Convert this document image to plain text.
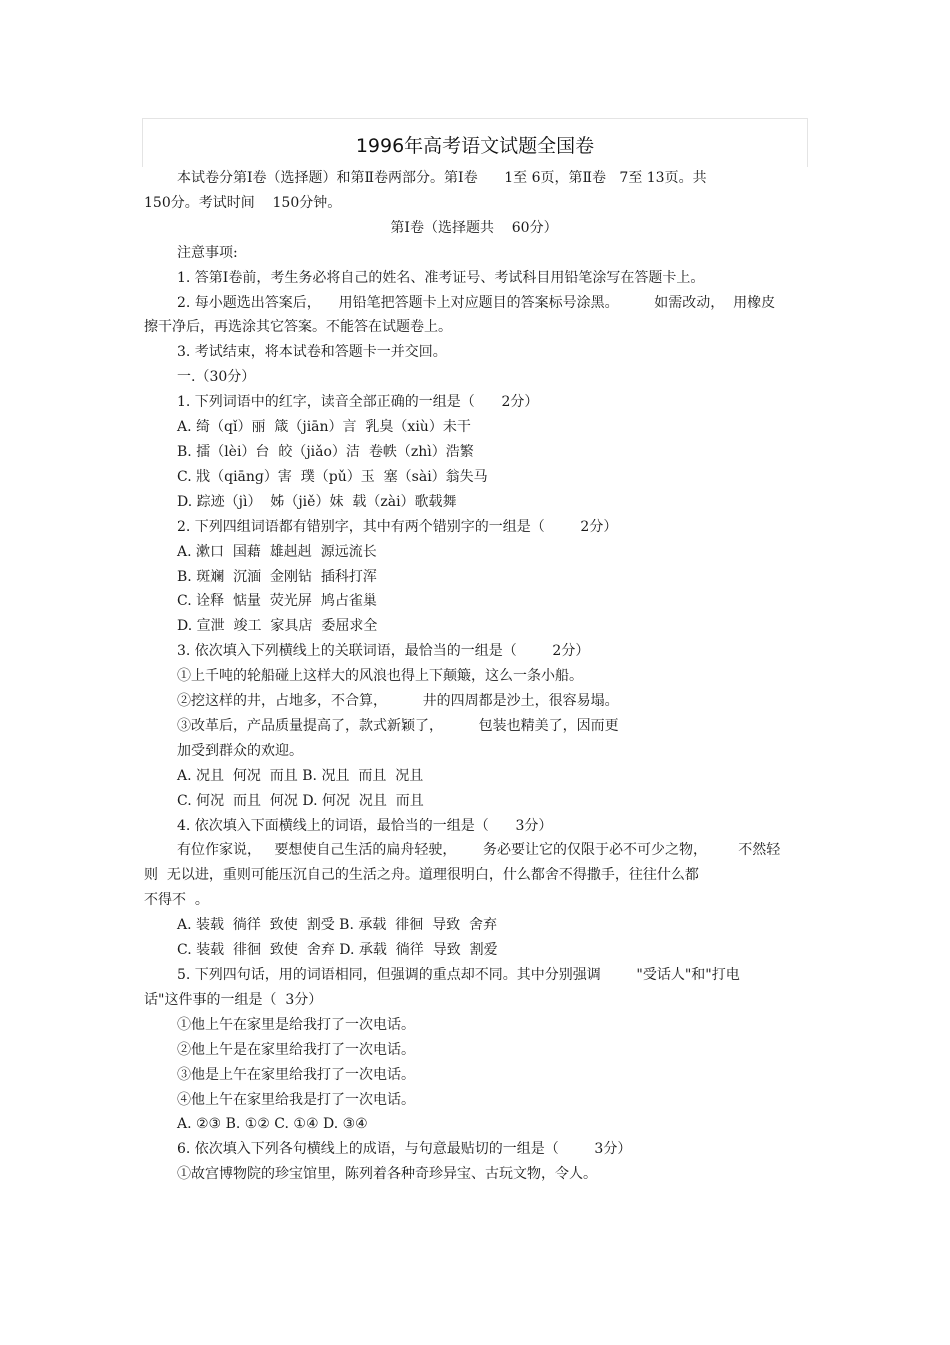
1996年高考语文试题全国卷

本试卷分第Ⅰ卷（选择题）和第Ⅱ卷两部分。第Ⅰ卷      1至 6页，第Ⅱ卷   7至 13页。共

150分。考试时间    150分钟。

第Ⅰ卷（选择题共    60分）

注意事项:

1. 答第Ⅰ卷前，考生务必将自己的姓名、准考证号、考试科目用铅笔涂写在答题卡上。

2. 每小题选出答案后，    用铅笔把答题卡上对应题目的答案标号涂黑。        如需改动，  用橡皮

擦干净后，再选涂其它答案。不能答在试题卷上。

3. 考试结束，将本试卷和答题卡一并交回。

一.（30分）

1. 下列词语中的红字，读音全部正确的一组是（      2分）

A. 绮（qǐ）丽  箴（jiān）言  乳臭（xiù）未干

B. 擂（lèi）台  皎（jiǎo）洁  卷帙（zhì）浩繁

C. 戕（qiānɡ）害  璞（pǔ）玉  塞（sài）翁失马

D. 踪迹（jì）  姊（jiě）妹  载（zài）歌载舞

2. 下列四组词语都有错别字，其中有两个错别字的一组是（        2分）

A. 漱口  国藉  雄赳赳  源远流长

B. 斑斓  沉湎  金刚钻  插科打浑

C. 诠释  惦量  荧光屏  鸠占雀巢

D. 宣泄  竣工  家具店  委屈求全

3. 依次填入下列横线上的关联词语，最恰当的一组是（        2分）

①上千吨的轮船碰上这样大的风浪也得上下颠簸，这么一条小船。

②挖这样的井，占地多，不合算，        井的四周都是沙土，很容易塌。

③改革后，产品质量提高了，款式新颖了，        包装也精美了，因而更

加受到群众的欢迎。

A. 况且  何况  而且 B. 况且  而且  况且

C. 何况  而且  何况 D. 何况  况且  而且

4. 依次填入下面横线上的词语，最恰当的一组是（      3分）

有位作家说，   要想使自己生活的扁舟轻驶，      务必要让它的仅限于必不可少之物，       不然轻

则  无以进，重则可能压沉自己的生活之舟。道理很明白，什么都舍不得撒手，往往什么都

不得不  。

A. 装载  徜徉  致使  割受 B. 承载  徘徊  导致  舍弃

C. 装载  徘徊  致使  舍弃 D. 承载  徜徉  导致  割爱

5. 下列四句话，用的词语相同，但强调的重点却不同。其中分别强调        "受话人"和"打电

话"这件事的一组是（  3分）

①他上午在家里是给我打了一次电话。

②他上午是在家里给我打了一次电话。

③他是上午在家里给我打了一次电话。

④他上午在家里给我是打了一次电话。

A. ②③ B. ①② C. ①④ D. ③④

6. 依次填入下列各句横线上的成语，与句意最贴切的一组是（        3分）

①故宫博物院的珍宝馆里，陈列着各种奇珍异宝、古玩文物，令人。
